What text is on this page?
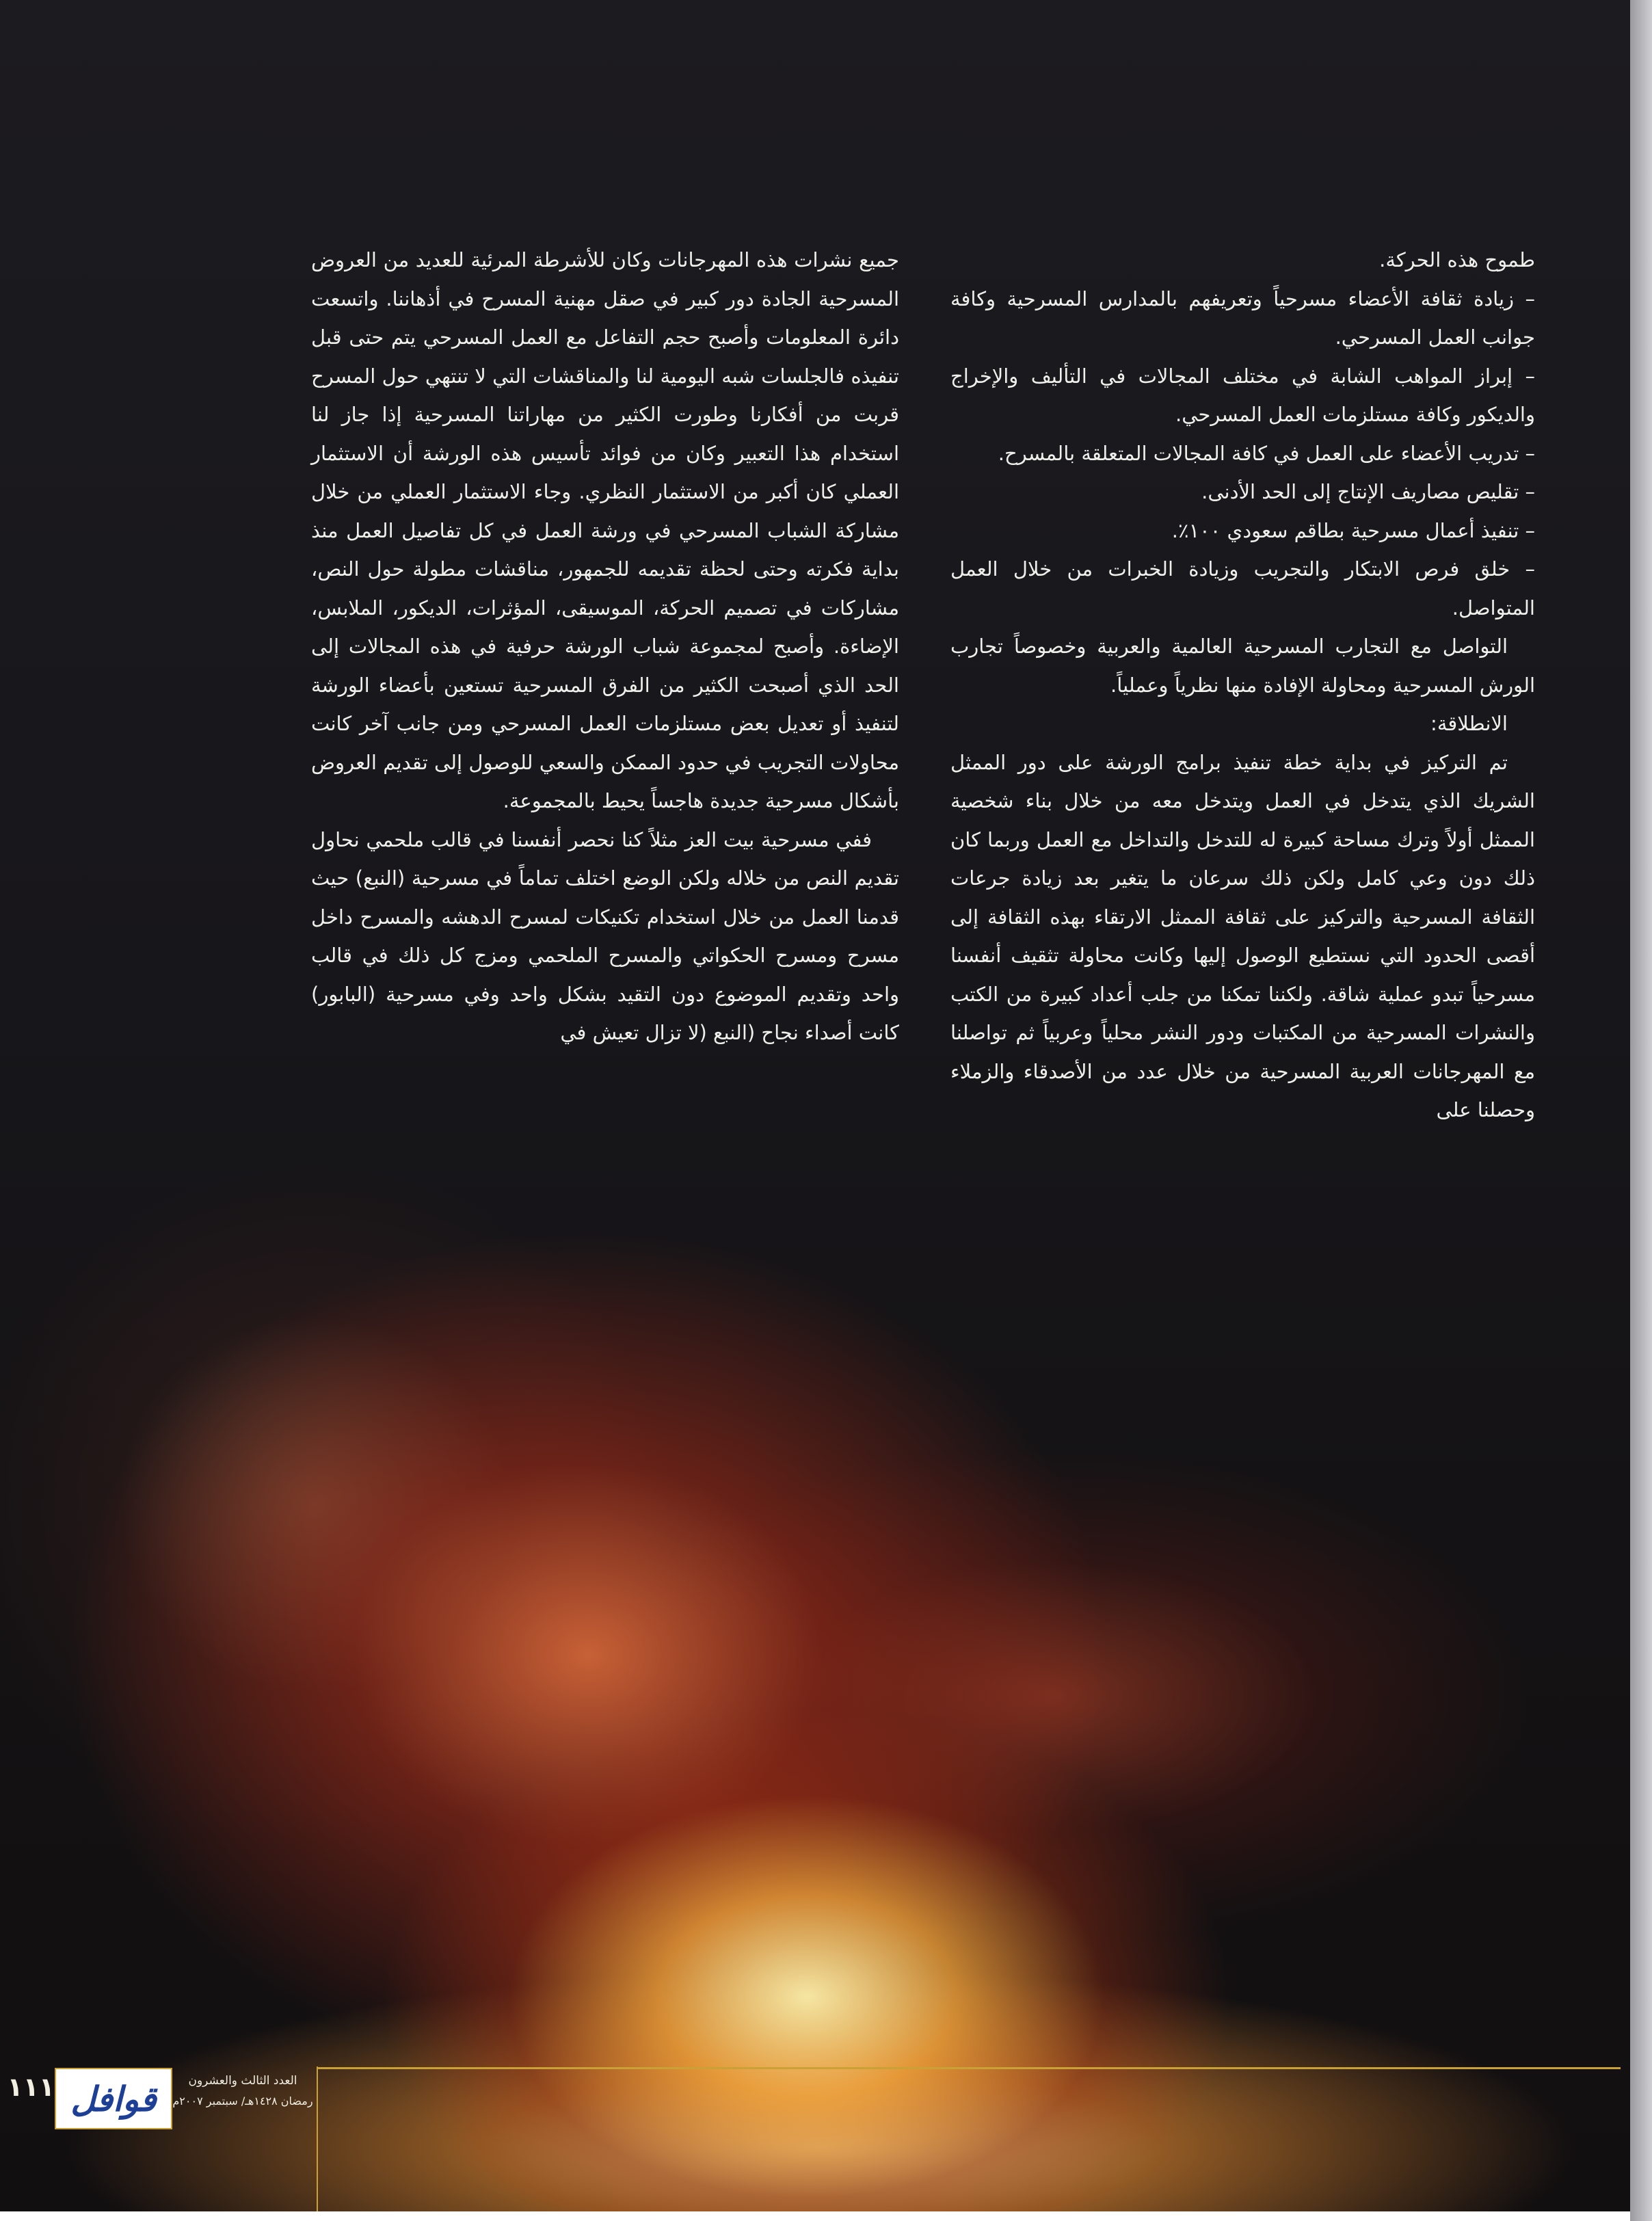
طموح هذه الحركة.

– زيادة ثقافة الأعضاء مسرحياً وتعريفهم بالمدارس المسرحية وكافة جوانب العمل المسرحي.

– إبراز المواهب الشابة في مختلف المجالات في التأليف والإخراج والديكور وكافة مستلزمات العمل المسرحي.

– تدريب الأعضاء على العمل في كافة المجالات المتعلقة بالمسرح.

– تقليص مصاريف الإنتاج إلى الحد الأدنى.

– تنفيذ أعمال مسرحية بطاقم سعودي ١٠٠٪.

– خلق فرص الابتكار والتجريب وزيادة الخبرات من خلال العمل المتواصل.

التواصل مع التجارب المسرحية العالمية والعربية وخصوصاً تجارب الورش المسرحية ومحاولة الإفادة منها نظرياً وعملياً.

الانطلاقة:

تم التركيز في بداية خطة تنفيذ برامج الورشة على دور الممثل الشريك الذي يتدخل في العمل ويتدخل معه من خلال بناء شخصية الممثل أولاً وترك مساحة كبيرة له للتدخل والتداخل مع العمل وربما كان ذلك دون وعي كامل ولكن ذلك سرعان ما يتغير بعد زيادة جرعات الثقافة المسرحية والتركيز على ثقافة الممثل الارتقاء بهذه الثقافة إلى أقصى الحدود التي نستطيع الوصول إليها وكانت محاولة تثقيف أنفسنا مسرحياً تبدو عملية شاقة. ولكننا تمكنا من جلب أعداد كبيرة من الكتب والنشرات المسرحية من المكتبات ودور النشر محلياً وعربياً ثم تواصلنا مع المهرجانات العربية المسرحية من خلال عدد من الأصدقاء والزملاء وحصلنا على

جميع نشرات هذه المهرجانات وكان للأشرطة المرئية للعديد من العروض المسرحية الجادة دور كبير في صقل مهنية المسرح في أذهاننا. واتسعت دائرة المعلومات وأصبح حجم التفاعل مع العمل المسرحي يتم حتى قبل تنفيذه فالجلسات شبه اليومية لنا والمناقشات التي لا تنتهي حول المسرح قربت من أفكارنا وطورت الكثير من مهاراتنا المسرحية إذا جاز لنا استخدام هذا التعبير وكان من فوائد تأسيس هذه الورشة أن الاستثمار العملي كان أكبر من الاستثمار النظري. وجاء الاستثمار العملي من خلال مشاركة الشباب المسرحي في ورشة العمل في كل تفاصيل العمل منذ بداية فكرته وحتى لحظة تقديمه للجمهور، مناقشات مطولة حول النص، مشاركات في تصميم الحركة، الموسيقى، المؤثرات، الديكور، الملابس، الإضاءة. وأصبح لمجموعة شباب الورشة حرفية في هذه المجالات إلى الحد الذي أصبحت الكثير من الفرق المسرحية تستعين بأعضاء الورشة لتنفيذ أو تعديل بعض مستلزمات العمل المسرحي ومن جانب آخر كانت محاولات التجريب في حدود الممكن والسعي للوصول إلى تقديم العروض بأشكال مسرحية جديدة هاجساً يحيط بالمجموعة.

ففي مسرحية بيت العز مثلاً كنا نحصر أنفسنا في قالب ملحمي نحاول تقديم النص من خلاله ولكن الوضع اختلف تماماً في مسرحية (النبع) حيث قدمنا العمل من خلال استخدام تكنيكات لمسرح الدهشه والمسرح داخل مسرح ومسرح الحكواتي والمسرح الملحمي ومزج كل ذلك في قالب واحد وتقديم الموضوع دون التقيد بشكل واحد وفي مسرحية (البابور) كانت أصداء نجاح (النبع (لا تزال تعيش في

العدد الثالث والعشرون
رمضان ١٤٢٨هـ/ سبتمبر ٢٠٠٧م
قوافل
١١١
